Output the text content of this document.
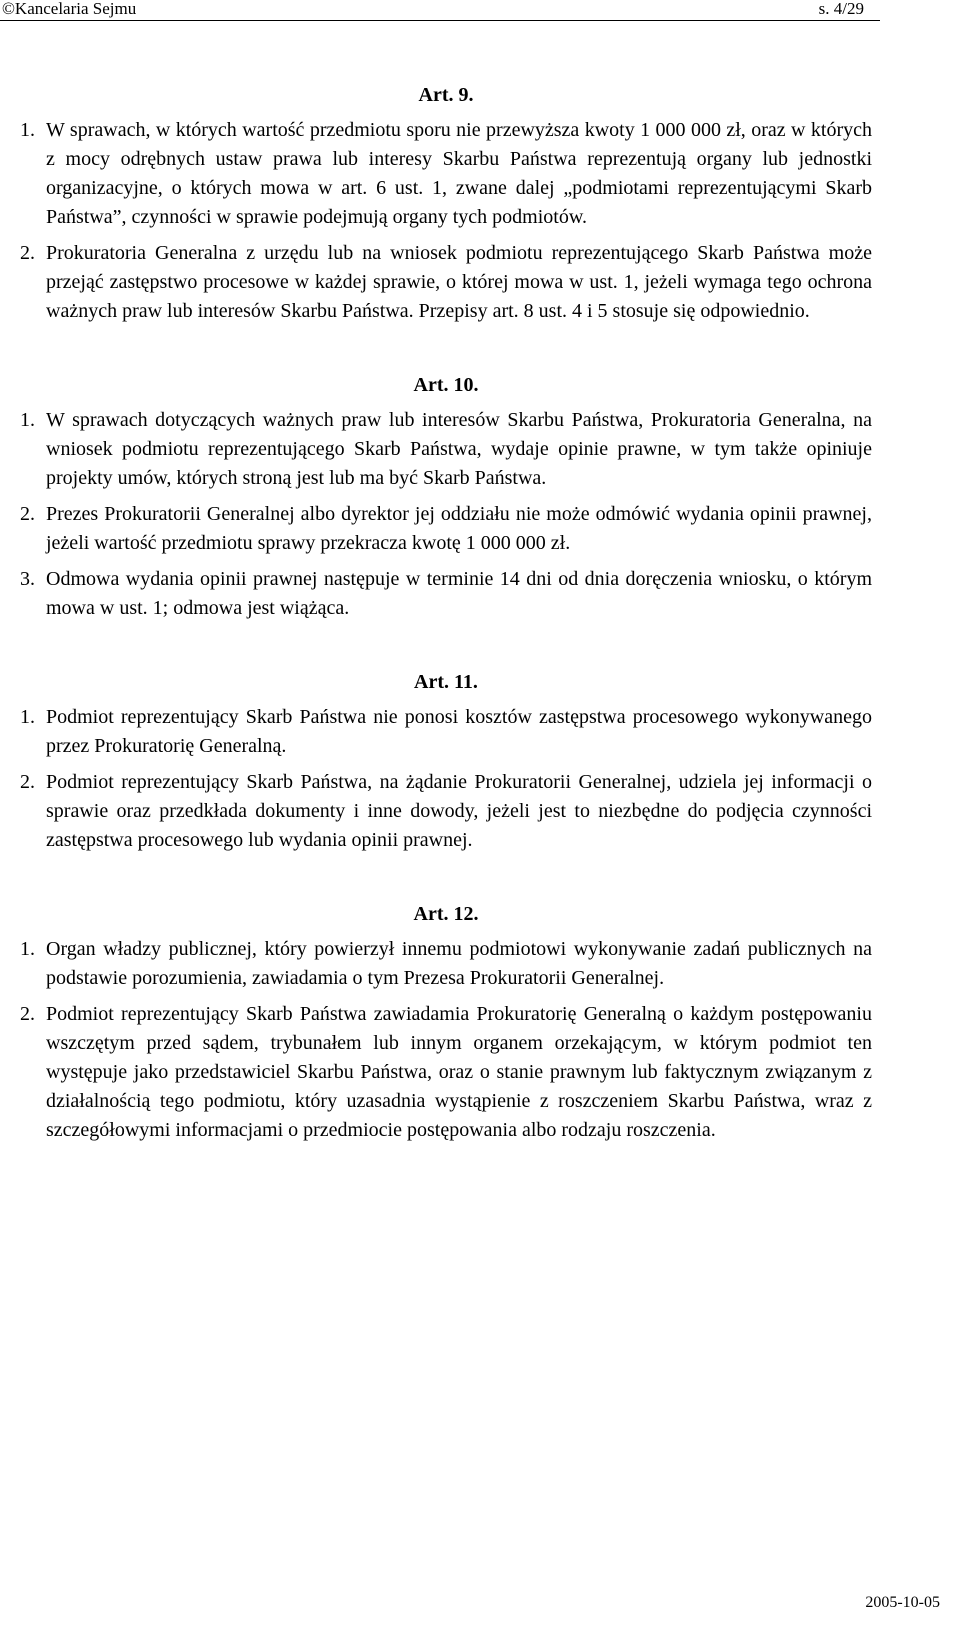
©Kancelaria Sejmu	s. 4/29
Art. 9.
1. W sprawach, w których wartość przedmiotu sporu nie przewyższa kwoty 1 000 000 zł, oraz w których z mocy odrębnych ustaw prawa lub interesy Skarbu Państwa reprezentują organy lub jednostki organizacyjne, o których mowa w art. 6 ust. 1, zwane dalej „podmiotami reprezentującymi Skarb Państwa”, czynności w sprawie podejmują organy tych podmiotów.
2. Prokuratoria Generalna z urzędu lub na wniosek podmiotu reprezentującego Skarb Państwa może przejąć zastępstwo procesowe w każdej sprawie, o której mowa w ust. 1, jeżeli wymaga tego ochrona ważnych praw lub interesów Skarbu Państwa. Przepisy art. 8 ust. 4 i 5 stosuje się odpowiednio.
Art. 10.
1. W sprawach dotyczących ważnych praw lub interesów Skarbu Państwa, Prokuratoria Generalna, na wniosek podmiotu reprezentującego Skarb Państwa, wydaje opinie prawne, w tym także opiniuje projekty umów, których stroną jest lub ma być Skarb Państwa.
2. Prezes Prokuratorii Generalnej albo dyrektor jej oddziału nie może odmówić wydania opinii prawnej, jeżeli wartość przedmiotu sprawy przekracza kwotę 1 000 000 zł.
3. Odmowa wydania opinii prawnej następuje w terminie 14 dni od dnia doręczenia wniosku, o którym mowa w ust. 1; odmowa jest wiążąca.
Art. 11.
1. Podmiot reprezentujący Skarb Państwa nie ponosi kosztów zastępstwa procesowego wykonywanego przez Prokuratorię Generalną.
2. Podmiot reprezentujący Skarb Państwa, na żądanie Prokuratorii Generalnej, udziela jej informacji o sprawie oraz przedkłada dokumenty i inne dowody, jeżeli jest to niezbędne do podjęcia czynności zastępstwa procesowego lub wydania opinii prawnej.
Art. 12.
1. Organ władzy publicznej, który powierzył innemu podmiotowi wykonywanie zadań publicznych na podstawie porozumienia, zawiadamia o tym Prezesa Prokuratorii Generalnej.
2. Podmiot reprezentujący Skarb Państwa zawiadamia Prokuratorię Generalną o każdym postępowaniu wszczętym przed sądem, trybunałem lub innym organem orzekającym, w którym podmiot ten występuje jako przedstawiciel Skarbu Państwa, oraz o stanie prawnym lub faktycznym związanym z działalnością tego podmiotu, który uzasadnia wystąpienie z roszczeniem Skarbu Państwa, wraz z szczegółowymi informacjami o przedmiocie postępowania albo rodzaju roszczenia.
2005-10-05
